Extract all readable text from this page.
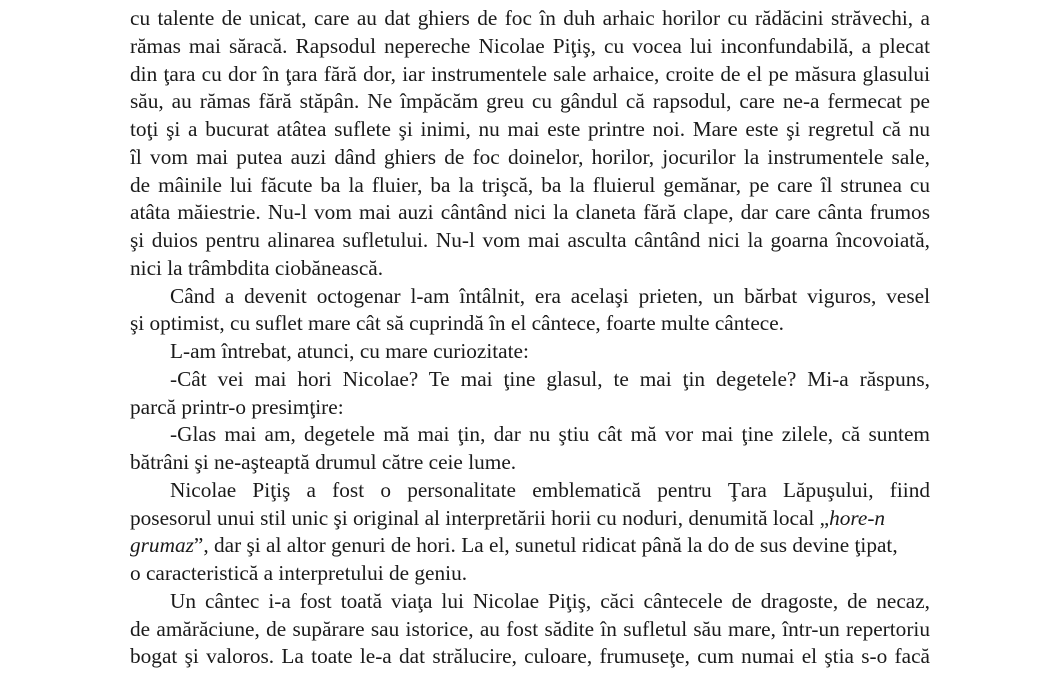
cu talente de unicat, care au dat ghiers de foc în duh arhaic horilor cu rădăcini străvechi, a
rămas mai săracă. Rapsodul nepereche Nicolae Piţiş, cu vocea lui inconfundabilă, a plecat
din ţara cu dor în ţara fără dor, iar instrumentele sale arhaice, croite de el pe măsura glasului
său, au rămas fără stăpân. Ne împăcăm greu cu gândul că rapsodul, care ne-a fermecat pe
toţi şi a bucurat atâtea suflete şi inimi, nu mai este printre noi. Mare este şi regretul că nu
îl vom mai putea auzi dând ghiers de foc doinelor, horilor, jocurilor la instrumentele sale,
de mâinile lui făcute ba la fluier, ba la trişcă, ba la fluierul gemănar, pe care îl strunea cu
atâta măiestrie. Nu-l vom mai auzi cântând nici la claneta fără clape, dar care cânta frumos
şi duios pentru alinarea sufletului. Nu-l vom mai asculta cântând nici la goarna încovoiată,
nici la trâmbdita ciobănească.
Când a devenit octogenar l-am întâlnit, era acelaşi prieten, un bărbat viguros, vesel
şi optimist, cu suflet mare cât să cuprindă în el cântece, foarte multe cântece.
L-am întrebat, atunci, cu mare curiozitate:
-Cât vei mai hori Nicolae? Te mai ţine glasul, te mai ţin degetele? Mi-a răspuns,
parcă printr-o presimţire:
-Glas mai am, degetele mă mai ţin, dar nu ştiu cât mă vor mai ţine zilele, că suntem
bătrâni şi ne-aşteaptă drumul către ceie lume.
Nicolae Piţiş a fost o personalitate emblematică pentru Ţara Lăpuşului, fiind
posesorul unui stil unic şi original al interpretării horii cu noduri, denumită local „hore-n
grumaz”, dar şi al altor genuri de hori. La el, sunetul ridicat până la do de sus devine ţipat,
o caracteristică a interpretului de geniu.
Un cântec i-a fost toată viaţa lui Nicolae Piţiş, căci cântecele de dragoste, de necaz,
de amărăciune, de supărare sau istorice, au fost sădite în sufletul său mare, într-un repertoriu
bogat şi valoros. La toate le-a dat strălucire, culoare, frumuseţe, cum numai el ştia s-o facă
